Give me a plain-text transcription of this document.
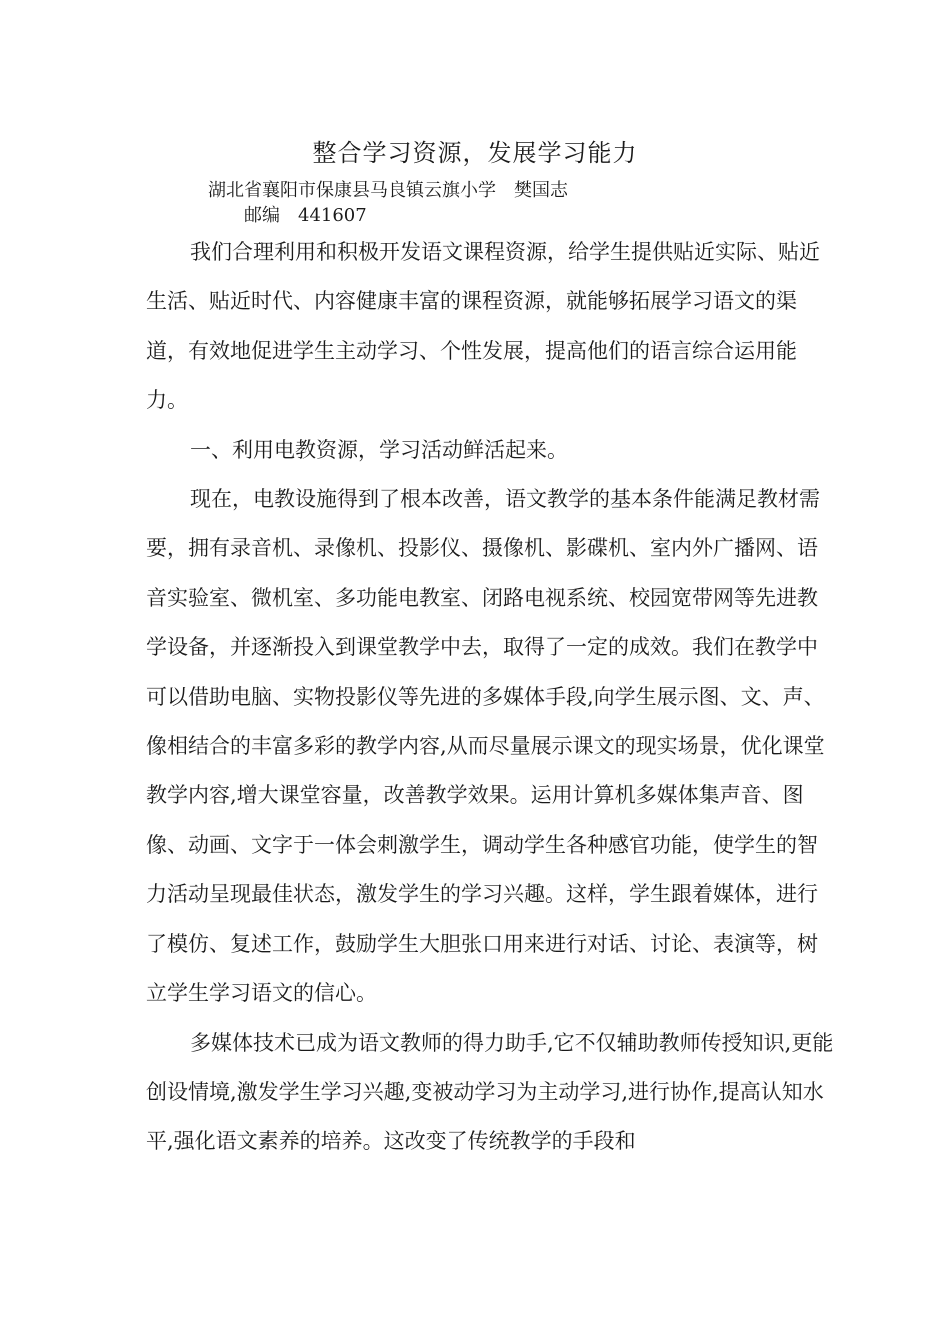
整合学习资源，发展学习能力
湖北省襄阳市保康县马良镇云旗小学　樊国志
邮编　441607

我们合理利用和积极开发语文课程资源，给学生提供贴近实际、贴近生活、贴近时代、内容健康丰富的课程资源，就能够拓展学习语文的渠道，有效地促进学生主动学习、个性发展，提高他们的语言综合运用能力。

一、利用电教资源，学习活动鲜活起来。

现在，电教设施得到了根本改善，语文教学的基本条件能满足教材需要，拥有录音机、录像机、投影仪、摄像机、影碟机、室内外广播网、语音实验室、微机室、多功能电教室、闭路电视系统、校园宽带网等先进教学设备，并逐渐投入到课堂教学中去，取得了一定的成效。我们在教学中可以借助电脑、实物投影仪等先进的多媒体手段,向学生展示图、文、声、像相结合的丰富多彩的教学内容,从而尽量展示课文的现实场景，优化课堂教学内容,增大课堂容量，改善教学效果。运用计算机多媒体集声音、图像、动画、文字于一体会刺激学生，调动学生各种感官功能，使学生的智力活动呈现最佳状态，激发学生的学习兴趣。这样，学生跟着媒体，进行了模仿、复述工作，鼓励学生大胆张口用来进行对话、讨论、表演等，树立学生学习语文的信心。

多媒体技术已成为语文教师的得力助手,它不仅辅助教师传授知识,更能创设情境,激发学生学习兴趣,变被动学习为主动学习,进行协作,提高认知水平,强化语文素养的培养。这改变了传统教学的手段和
